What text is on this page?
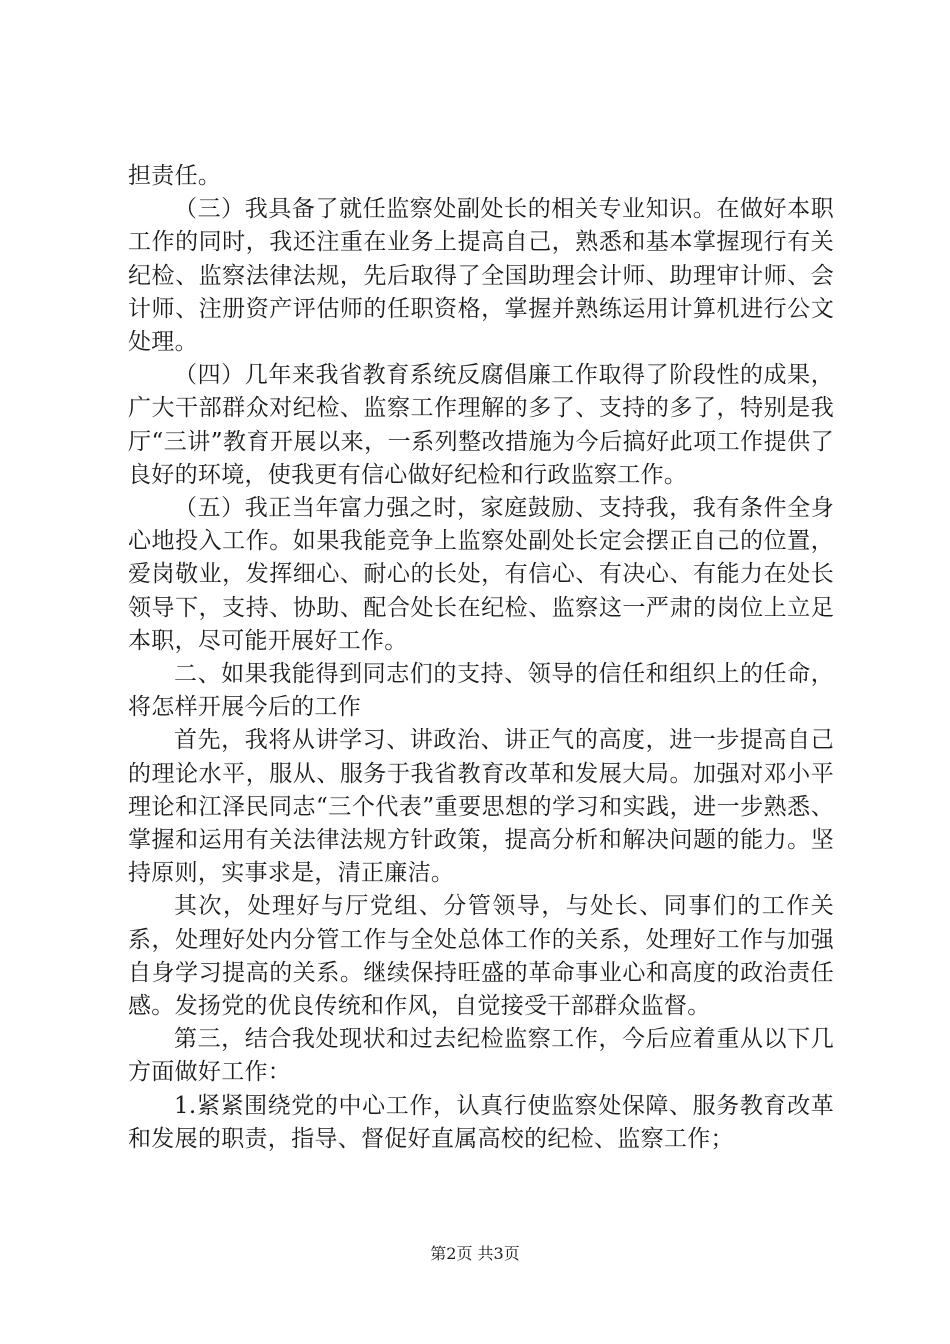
担责任。

（三）我具备了就任监察处副处长的相关专业知识。在做好本职工作的同时，我还注重在业务上提高自己，熟悉和基本掌握现行有关纪检、监察法律法规，先后取得了全国助理会计师、助理审计师、会计师、注册资产评估师的任职资格，掌握并熟练运用计算机进行公文处理。

（四）几年来我省教育系统反腐倡廉工作取得了阶段性的成果，广大干部群众对纪检、监察工作理解的多了、支持的多了，特别是我厅“三讲”教育开展以来，一系列整改措施为今后搞好此项工作提供了良好的环境，使我更有信心做好纪检和行政监察工作。

（五）我正当年富力强之时，家庭鼓励、支持我，我有条件全身心地投入工作。如果我能竞争上监察处副处长定会摆正自己的位置，爱岗敬业，发挥细心、耐心的长处，有信心、有决心、有能力在处长领导下，支持、协助、配合处长在纪检、监察这一严肃的岗位上立足本职，尽可能开展好工作。

二、如果我能得到同志们的支持、领导的信任和组织上的任命，将怎样开展今后的工作

首先，我将从讲学习、讲政治、讲正气的高度，进一步提高自己的理论水平，服从、服务于我省教育改革和发展大局。加强对邓小平理论和江泽民同志“三个代表”重要思想的学习和实践，进一步熟悉、掌握和运用有关法律法规方针政策，提高分析和解决问题的能力。坚持原则，实事求是，清正廉洁。

其次，处理好与厅党组、分管领导，与处长、同事们的工作关系，处理好处内分管工作与全处总体工作的关系，处理好工作与加强自身学习提高的关系。继续保持旺盛的革命事业心和高度的政治责任感。发扬党的优良传统和作风，自觉接受干部群众监督。

第三，结合我处现状和过去纪检监察工作，今后应着重从以下几方面做好工作：

1.紧紧围绕党的中心工作，认真行使监察处保障、服务教育改革和发展的职责，指导、督促好直属高校的纪检、监察工作；

第2页 共3页
